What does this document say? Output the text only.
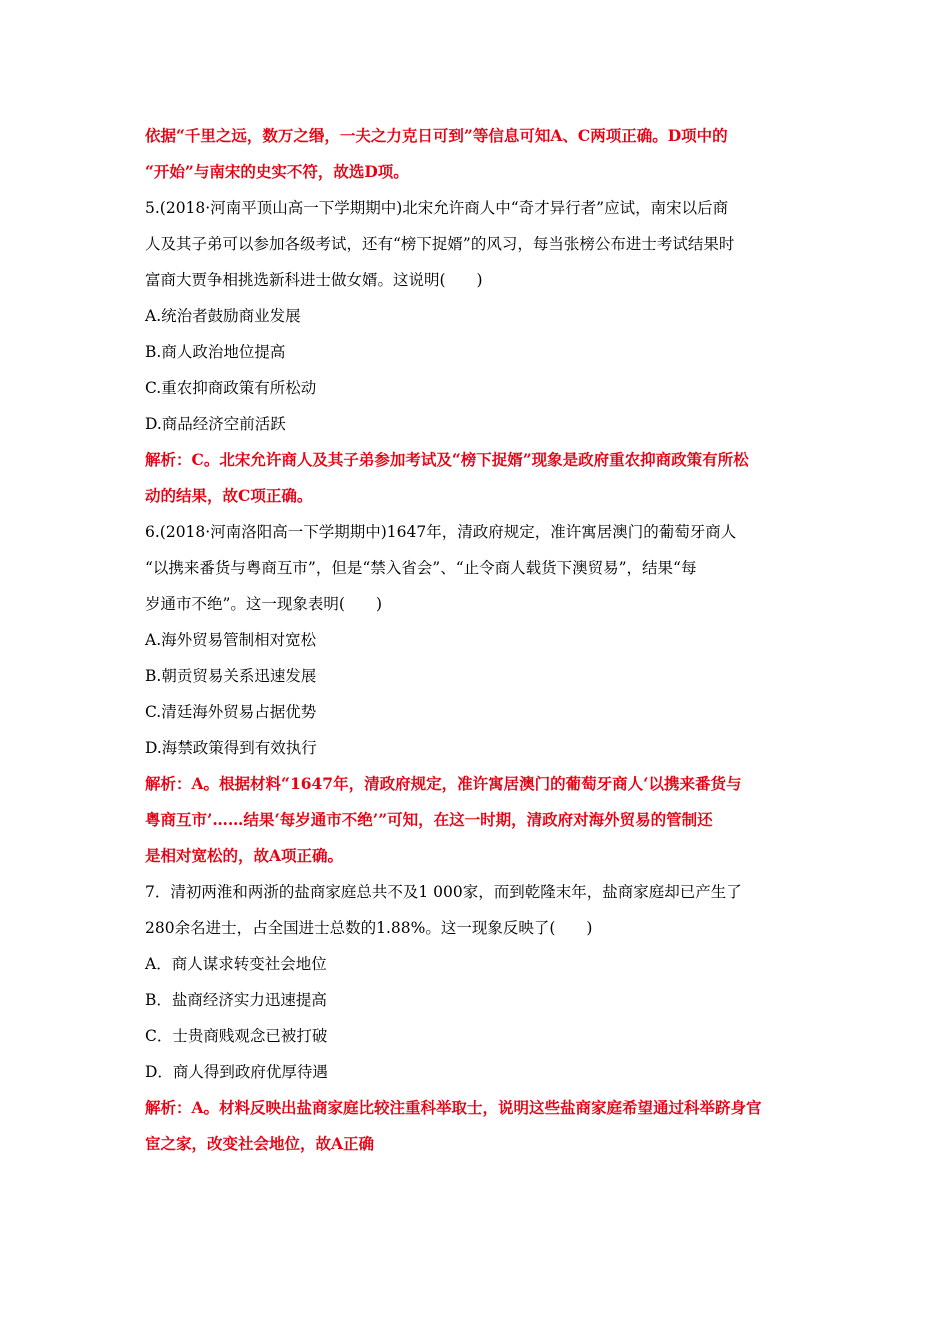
依据“千里之远，数万之缗，一夫之力克日可到”等信息可知A、C两项正确。D项中的
“开始”与南宋的史实不符，故选D项。
5.(2018·河南平顶山高一下学期期中)北宋允许商人中“奇才异行者”应试，南宋以后商
人及其子弟可以参加各级考试，还有“榜下捉婿”的风习，每当张榜公布进士考试结果时
富商大贾争相挑选新科进士做女婿。这说明(　　)
A.统治者鼓励商业发展
B.商人政治地位提高
C.重农抑商政策有所松动
D.商品经济空前活跃
解析：C。北宋允许商人及其子弟参加考试及“榜下捉婿”现象是政府重农抑商政策有所松
动的结果，故C项正确。
6.(2018·河南洛阳高一下学期期中)1647年，清政府规定，准许寓居澳门的葡萄牙商人
“以携来番货与粤商互市”，但是“禁入省会”、“止令商人载货下澳贸易”，结果“每
岁通市不绝”。这一现象表明(　　)
A.海外贸易管制相对宽松
B.朝贡贸易关系迅速发展
C.清廷海外贸易占据优势
D.海禁政策得到有效执行
解析：A。根据材料“1647年，清政府规定，准许寓居澳门的葡萄牙商人‘以携来番货与
粤商互市’……结果‘每岁通市不绝’”可知，在这一时期，清政府对海外贸易的管制还
是相对宽松的，故A项正确。
7．清初两淮和两浙的盐商家庭总共不及1 000家，而到乾隆末年，盐商家庭却已产生了
280余名进士，占全国进士总数的1.88%。这一现象反映了(　　)
A．商人谋求转变社会地位
B．盐商经济实力迅速提高
C．士贵商贱观念已被打破
D．商人得到政府优厚待遇
解析：A。材料反映出盐商家庭比较注重科举取士，说明这些盐商家庭希望通过科举跻身官
宦之家，改变社会地位，故A正确
